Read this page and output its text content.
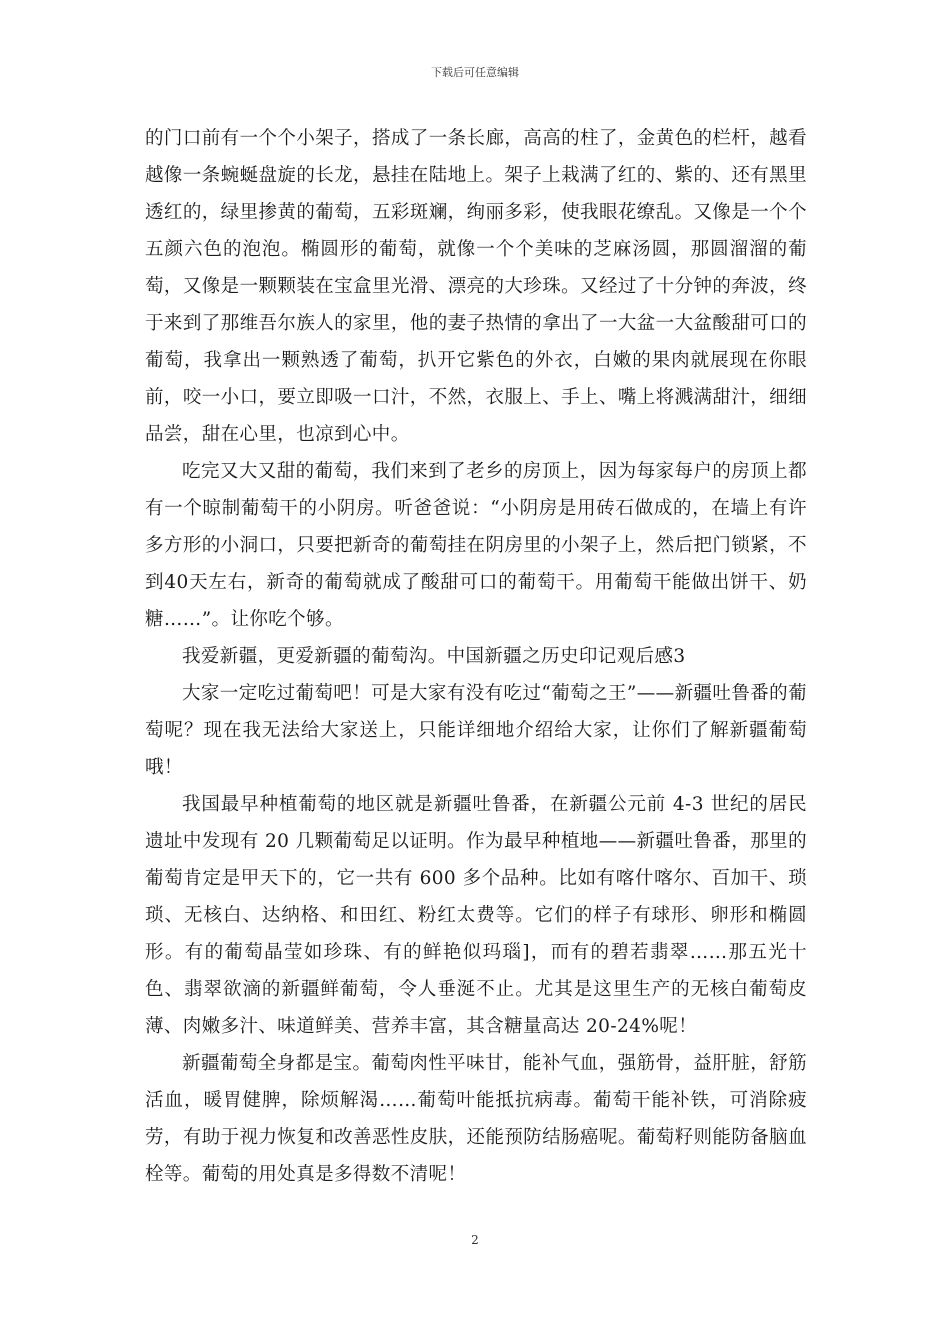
下载后可任意编辑

的门口前有一个个小架子，搭成了一条长廊，高高的柱了，金黄色的栏杆，越看越像一条蜿蜒盘旋的长龙，悬挂在陆地上。架子上栽满了红的、紫的、还有黑里透红的，绿里掺黄的葡萄，五彩斑斓，绚丽多彩，使我眼花缭乱。又像是一个个五颜六色的泡泡。椭圆形的葡萄，就像一个个美味的芝麻汤圆，那圆溜溜的葡萄，又像是一颗颗装在宝盒里光滑、漂亮的大珍珠。又经过了十分钟的奔波，终于来到了那维吾尔族人的家里，他的妻子热情的拿出了一大盆一大盆酸甜可口的葡萄，我拿出一颗熟透了葡萄，扒开它紫色的外衣，白嫩的果肉就展现在你眼前，咬一小口，要立即吸一口汁，不然，衣服上、手上、嘴上将溅满甜汁，细细品尝，甜在心里，也凉到心中。

吃完又大又甜的葡萄，我们来到了老乡的房顶上，因为每家每户的房顶上都有一个晾制葡萄干的小阴房。听爸爸说：“小阴房是用砖石做成的，在墙上有许多方形的小洞口，只要把新奇的葡萄挂在阴房里的小架子上，然后把门锁紧，不到40天左右，新奇的葡萄就成了酸甜可口的葡萄干。用葡萄干能做出饼干、奶糖……”。让你吃个够。

我爱新疆，更爱新疆的葡萄沟。中国新疆之历史印记观后感3

大家一定吃过葡萄吧！可是大家有没有吃过“葡萄之王”——新疆吐鲁番的葡萄呢？现在我无法给大家送上，只能详细地介绍给大家，让你们了解新疆葡萄哦！

我国最早种植葡萄的地区就是新疆吐鲁番，在新疆公元前 4-3 世纪的居民遗址中发现有 20 几颗葡萄足以证明。作为最早种植地——新疆吐鲁番，那里的葡萄肯定是甲天下的，它一共有 600 多个品种。比如有喀什喀尔、百加干、琐琐、无核白、达纳格、和田红、粉红太费等。它们的样子有球形、卵形和椭圆形。有的葡萄晶莹如珍珠、有的鲜艳似玛瑙]，而有的碧若翡翠……那五光十色、翡翠欲滴的新疆鲜葡萄，令人垂涎不止。尤其是这里生产的无核白葡萄皮薄、肉嫩多汁、味道鲜美、营养丰富，其含糖量高达 20-24%呢！

新疆葡萄全身都是宝。葡萄肉性平味甘，能补气血，强筋骨，益肝脏，舒筋活血，暖胃健脾，除烦解渴……葡萄叶能抵抗病毒。葡萄干能补铁，可消除疲劳，有助于视力恢复和改善恶性皮肤，还能预防结肠癌呢。葡萄籽则能防备脑血栓等。葡萄的用处真是多得数不清呢！

2
